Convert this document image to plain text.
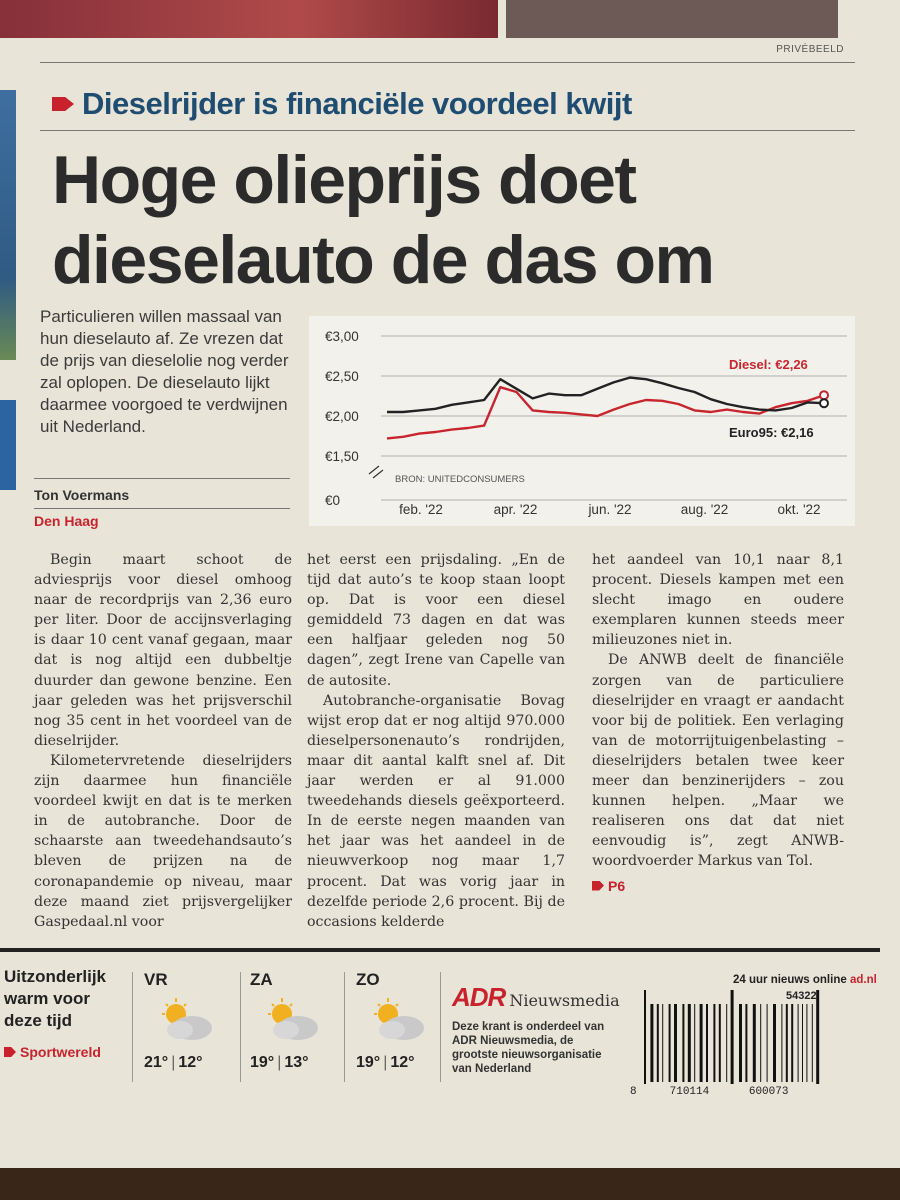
PRIVÉBEELD
Dieselrijder is financiële voordeel kwijt
Hoge olieprijs doet
dieselauto de das om
Particulieren willen massaal van hun dieselauto af. Ze vrezen dat de prijs van dieselolie nog verder zal oplopen. De dieselauto lijkt daarmee voorgoed te verdwijnen uit Nederland.
Ton Voermans
Den Haag
€3,00
€2,50
€2,00
€1,50
€0
feb. '22	apr. '22	jun. '22	aug. '22	okt. '22
BRON: UNITEDCONSUMERS
Diesel: €2,26
Euro95: €2,16

Begin maart schoot de adviesprijs voor diesel omhoog naar de recordprijs van 2,36 euro per liter. Door de accijnsverlaging is daar 10 cent vanaf gegaan, maar dat is nog altijd een dubbeltje duurder dan gewone benzine. Een jaar geleden was het prijsverschil nog 35 cent in het voordeel van de dieselrijder.

Kilometervretende dieselrijders zijn daarmee hun financiële voordeel kwijt en dat is te merken in de autobranche. Door de schaarste aan tweedehandsauto’s bleven de prijzen na de coronapandemie op niveau, maar deze maand ziet prijsvergelijker Gaspedaal.nl voor

het eerst een prijsdaling. „En de tijd dat auto’s te koop staan loopt op. Dat is voor een diesel gemiddeld 73 dagen en dat was een halfjaar geleden nog 50 dagen”, zegt Irene van Capelle van de autosite.

Autobranche-organisatie Bovag wijst erop dat er nog altijd 970.000 dieselpersonenauto’s rondrijden, maar dit aantal kalft snel af. Dit jaar werden er al 91.000 tweedehands diesels geëxporteerd. In de eerste negen maanden van het jaar was het aandeel in de nieuwverkoop nog maar 1,7 procent. Dat was vorig jaar in dezelfde periode 2,6 procent. Bij de occasions kelderde

het aandeel van 10,1 naar 8,1 procent. Diesels kampen met een slecht imago en oudere exemplaren kunnen steeds meer milieuzones niet in.

De ANWB deelt de financiële zorgen van de particuliere dieselrijder en vraagt er aandacht voor bij de politiek. Een verlaging van de motorrijtuigenbelasting – dieselrijders betalen twee keer meer dan benzinerijders – zou kunnen helpen. „Maar we realiseren ons dat dat niet eenvoudig is”, zegt ANWB-woordvoerder Markus van Tol.

P6
Uitzonderlijk warm voor deze tijd
Sportwereld
VR
21° | 12°
ZA
19° | 13°
ZO
19° | 12°
ADR Nieuwsmedia
Deze krant is onderdeel van ADR Nieuwsmedia, de grootste nieuwsorganisatie van Nederland
24 uur nieuws online ad.nl
54322
8	710114	600073
